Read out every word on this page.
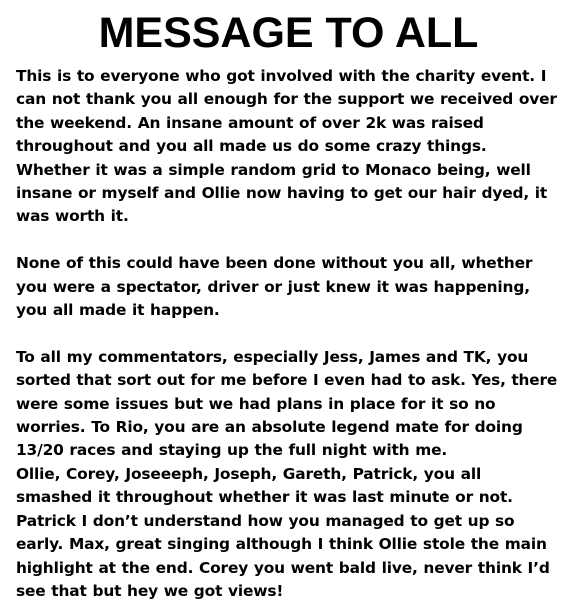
MESSAGE TO ALL

This is to everyone who got involved with the charity event. I
can not thank you all enough for the support we received over
the weekend. An insane amount of over 2k was raised
throughout and you all made us do some crazy things.
Whether it was a simple random grid to Monaco being, well
insane or myself and Ollie now having to get our hair dyed, it
was worth it.

None of this could have been done without you all, whether
you were a spectator, driver or just knew it was happening,
you all made it happen.

To all my commentators, especially Jess, James and TK, you
sorted that sort out for me before I even had to ask. Yes, there
were some issues but we had plans in place for it so no
worries. To Rio, you are an absolute legend mate for doing
13/20 races and staying up the full night with me.
Ollie, Corey, Joseeeph, Joseph, Gareth, Patrick, you all
smashed it throughout whether it was last minute or not.
Patrick I don’t understand how you managed to get up so
early. Max, great singing although I think Ollie stole the main
highlight at the end. Corey you went bald live, never think I’d
see that but hey we got views!
